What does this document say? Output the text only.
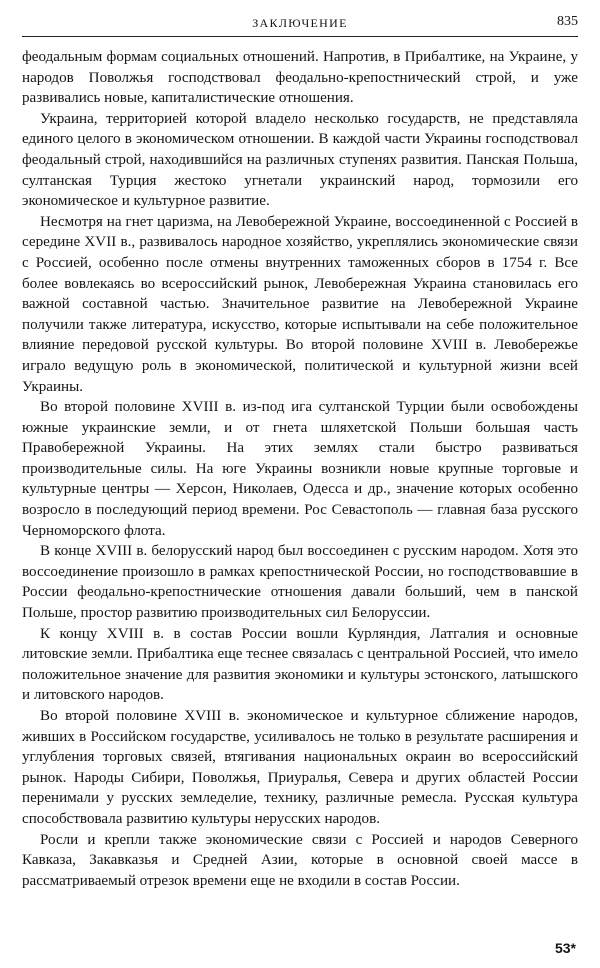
ЗАКЛЮЧЕНИЕ	835

феодальным формам социальных отношений. Напротив, в Прибалтике, на Украине, у народов Поволжья господствовал феодально-крепостнический строй, и уже развивались новые, капиталистические отношения.

Украина, территорией которой владело несколько государств, не представляла единого целого в экономическом отношении. В каждой части Украины господствовал феодальный строй, находившийся на различных ступенях развития. Панская Польша, султанская Турция жестоко угнетали украинский народ, тормозили его экономическое и культурное развитие.

Несмотря на гнет царизма, на Левобережной Украине, воссоединенной с Россией в середине XVII в., развивалось народное хозяйство, укреплялись экономические связи с Россией, особенно после отмены внутренних таможенных сборов в 1754 г. Все более вовлекаясь во всероссийский рынок, Левобережная Украина становилась его важной составной частью. Значительное развитие на Левобережной Украине получили также литература, искусство, которые испытывали на себе положительное влияние передовой русской культуры. Во второй половине XVIII в. Левобережье играло ведущую роль в экономической, политической и культурной жизни всей Украины.

Во второй половине XVIII в. из-под ига султанской Турции были освобождены южные украинские земли, и от гнета шляхетской Польши большая часть Правобережной Украины. На этих землях стали быстро развиваться производительные силы. На юге Украины возникли новые крупные торговые и культурные центры — Херсон, Николаев, Одесса и др., значение которых особенно возросло в последующий период времени. Рос Севастополь — главная база русского Черноморского флота.

В конце XVIII в. белорусский народ был воссоединен с русским народом. Хотя это воссоединение произошло в рамках крепостнической России, но господствовавшие в России феодально-крепостнические отношения давали больший, чем в панской Польше, простор развитию производительных сил Белоруссии.

К концу XVIII в. в состав России вошли Курляндия, Латгалия и основные литовские земли. Прибалтика еще теснее связалась с центральной Россией, что имело положительное значение для развития экономики и культуры эстонского, латышского и литовского народов.

Во второй половине XVIII в. экономическое и культурное сближение народов, живших в Российском государстве, усиливалось не только в результате расширения и углубления торговых связей, втягивания национальных окраин во всероссийский рынок. Народы Сибири, Поволжья, Приуралья, Севера и других областей России перенимали у русских земледелие, технику, различные ремесла. Русская культура способствовала развитию культуры нерусских народов.

Росли и крепли также экономические связи с Россией и народов Северного Кавказа, Закавказья и Средней Азии, которые в основной своей массе в рассматриваемый отрезок времени еще не входили в состав России.

53*
